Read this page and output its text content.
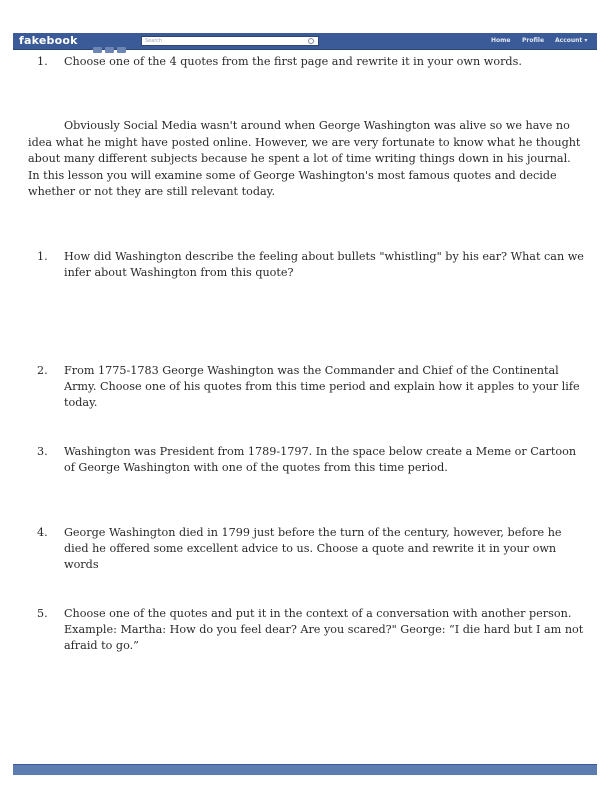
fakebook	Search	Home Profile Account ▾
1.	Choose one of the 4 quotes from the first page and rewrite it in your own words.
Obviously Social Media wasn't around when George Washington was alive so we have no idea what he might have posted online. However, we are very fortunate to know what he thought about many different subjects because he spent a lot of time writing things down in his journal. In this lesson you will examine some of George Washington's most famous quotes and decide whether or not they are still relevant today.
1.	How did Washington describe the feeling about bullets "whistling" by his ear? What can we infer about Washington from this quote?
2.	From 1775-1783 George Washington was the Commander and Chief of the Continental Army. Choose one of his quotes from this time period and explain how it apples to your life today.
3.	Washington was President from 1789-1797. In the space below create a Meme or Cartoon of George Washington with one of the quotes from this time period.
4.	George Washington died in 1799 just before the turn of the century, however, before he died he offered some excellent advice to us. Choose a quote and rewrite it in your own words
5.	Choose one of the quotes and put it in the context of a conversation with another person. Example: Martha: How do you feel dear? Are you scared?" George: “I die hard but I am not afraid to go.”
